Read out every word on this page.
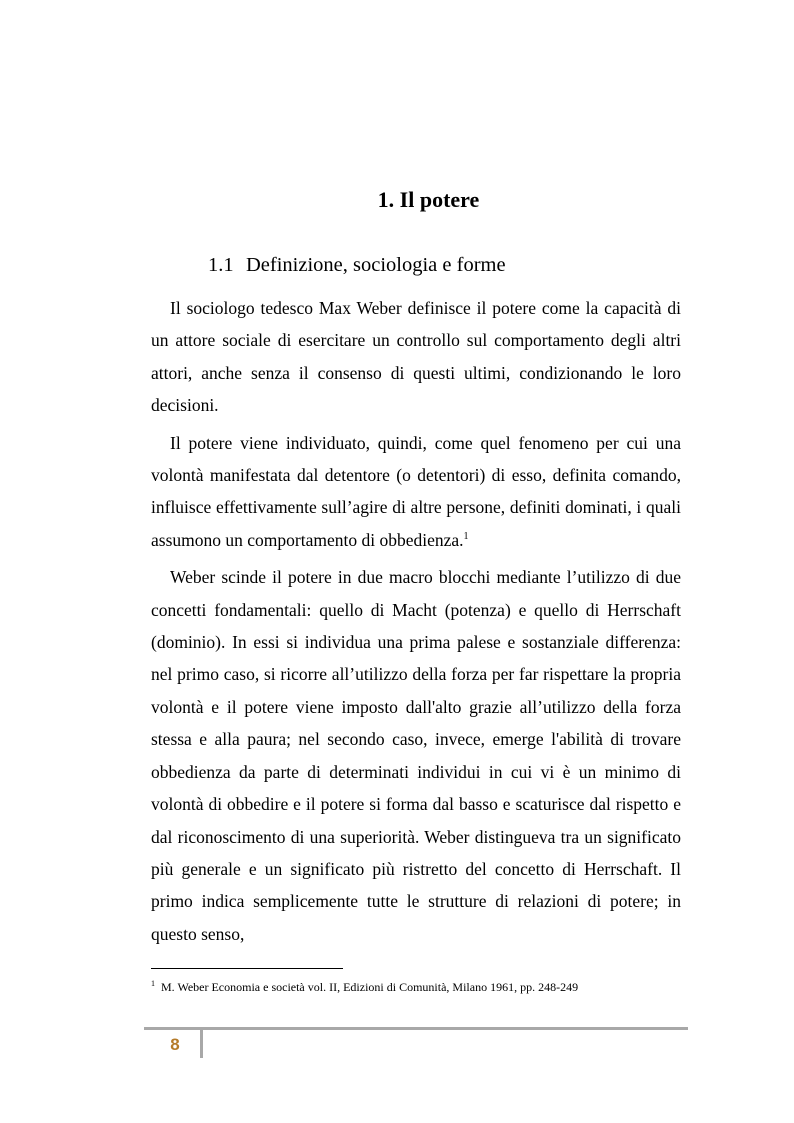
1. Il potere
1.1 Definizione, sociologia e forme

Il sociologo tedesco Max Weber definisce il potere come la capacità di un attore sociale di esercitare un controllo sul comportamento degli altri attori, anche senza il consenso di questi ultimi, condizionando le loro decisioni.

Il potere viene individuato, quindi, come quel fenomeno per cui una volontà manifestata dal detentore (o detentori) di esso, definita comando, influisce effettivamente sull’agire di altre persone, definiti dominati, i quali assumono un comportamento di obbedienza.$^1$

Weber scinde il potere in due macro blocchi mediante l’utilizzo di due concetti fondamentali: quello di Macht (potenza) e quello di Herrschaft (dominio). In essi si individua una prima palese e sostanziale differenza: nel primo caso, si ricorre all’utilizzo della forza per far rispettare la propria volontà e il potere viene imposto dall'alto grazie all’utilizzo della forza stessa e alla paura; nel secondo caso, invece, emerge l'abilità di trovare obbedienza da parte di determinati individui in cui vi è un minimo di volontà di obbedire e il potere si forma dal basso e scaturisce dal rispetto e dal riconoscimento di una superiorità. Weber distingueva tra un significato più generale e un significato più ristretto del concetto di Herrschaft. Il primo indica semplicemente tutte le strutture di relazioni di potere; in questo senso,

$^1$ M. Weber Economia e società vol. II, Edizioni di Comunità, Milano 1961, pp. 248-249
8
